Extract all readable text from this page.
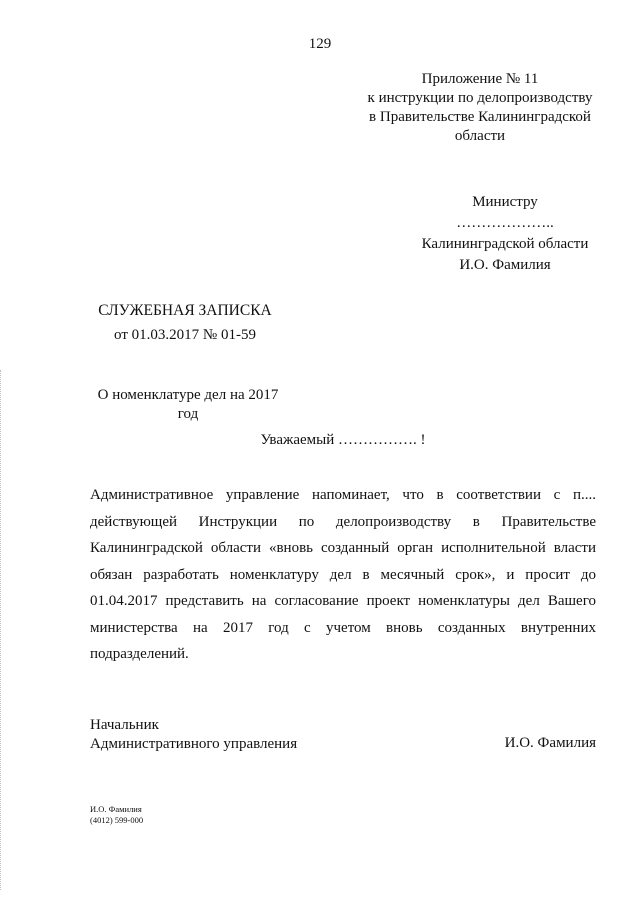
129
Приложение № 11
к инструкции по делопроизводству
в Правительстве Калининградской
области
Министру
………………..
Калининградской области
И.О. Фамилия
СЛУЖЕБНАЯ ЗАПИСКА
от 01.03.2017 № 01-59
О номенклатуре дел на 2017
год
Уважаемый ……………. !

Административное управление напоминает, что в соответствии с п.... действующей Инструкции по делопроизводству в Правительстве Калининградской области «вновь созданный орган исполнительной власти обязан разработать номенклатуру дел в месячный срок», и просит до 01.04.2017 представить на согласование проект номенклатуры дел Вашего министерства на 2017 год с учетом вновь созданных внутренних подразделений.

Начальник
Административного управления	И.О. Фамилия
И.О. Фамилия
(4012) 599-000
